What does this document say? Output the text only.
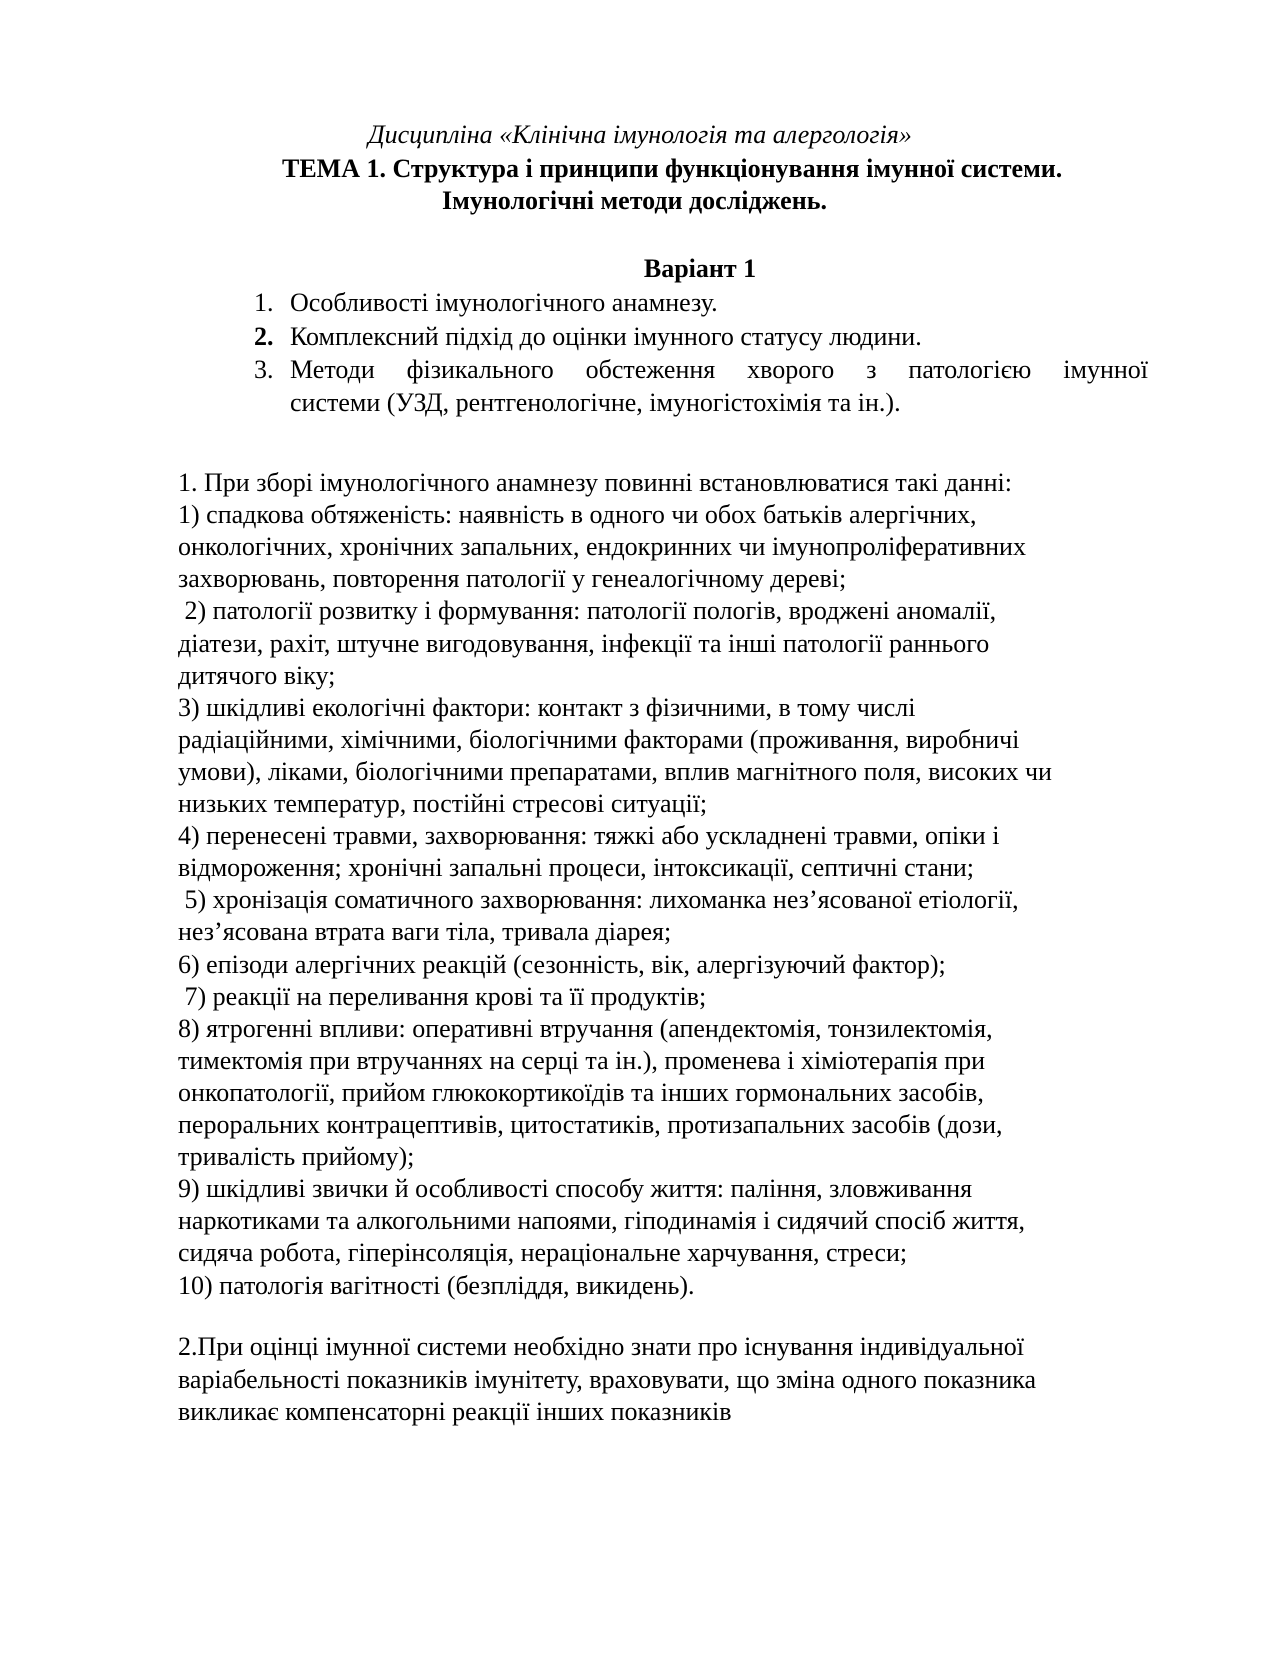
Дисципліна «Клінічна імунологія та алергологія»
ТЕМА 1. Структура і принципи функціонування імунної системи.
Імунологічні методи досліджень.
Варіант 1
1. Особливості імунологічного анамнезу.
2. Комплексний підхід до оцінки імунного статусу людини.
3. Методи фізикального обстеження хворого з патологією імунної
системи (УЗД, рентгенологічне, імуногістохімія та ін.).
1. При зборі імунологічного анамнезу повинні встановлюватися такі данні:
1) спадкова обтяженість: наявність в одного чи обох батьків алергічних,
онкологічних, хронічних запальних, ендокринних чи імунопроліферативних
захворювань, повторення патології у генеалогічному дереві;
2) патології розвитку і формування: патології пологів, вроджені аномалії,
діатези, рахіт, штучне вигодовування, інфекції та інші патології раннього
дитячого віку;
3) шкідливі екологічні фактори: контакт з фізичними, в тому числі
радіаційними, хімічними, біологічними факторами (проживання, виробничі
умови), ліками, біологічними препаратами, вплив магнітного поля, високих чи
низьких температур, постійні стресові ситуації;
4) перенесені травми, захворювання: тяжкі або ускладнені травми, опіки і
відмороження; хронічні запальні процеси, інтоксикації, септичні стани;
5) хронізація соматичного захворювання: лихоманка нез’ясованої етіології,
нез’ясована втрата ваги тіла, тривала діарея;
6) епізоди алергічних реакцій (сезонність, вік, алергізуючий фактор);
7) реакції на переливання крові та її продуктів;
8) ятрогенні впливи: оперативні втручання (апендектомія, тонзилектомія,
тимектомія при втручаннях на серці та ін.), променева і хіміотерапія при
онкопатології, прийом глюкокортикоїдів та інших гормональних засобів,
пероральних контрацептивів, цитостатиків, протизапальних засобів (дози,
тривалість прийому);
9) шкідливі звички й особливості способу життя: паління, зловживання
наркотиками та алкогольними напоями, гіподинамія і сидячий спосіб життя,
сидяча робота, гіперінсоляція, нераціональне харчування, стреси;
10) патологія вагітності (безпліддя, викидень).
2.При оцінці імунної системи необхідно знати про існування індивідуальної
варіабельності показників імунітету, враховувати, що зміна одного показника
викликає компенсаторні реакції інших показників
